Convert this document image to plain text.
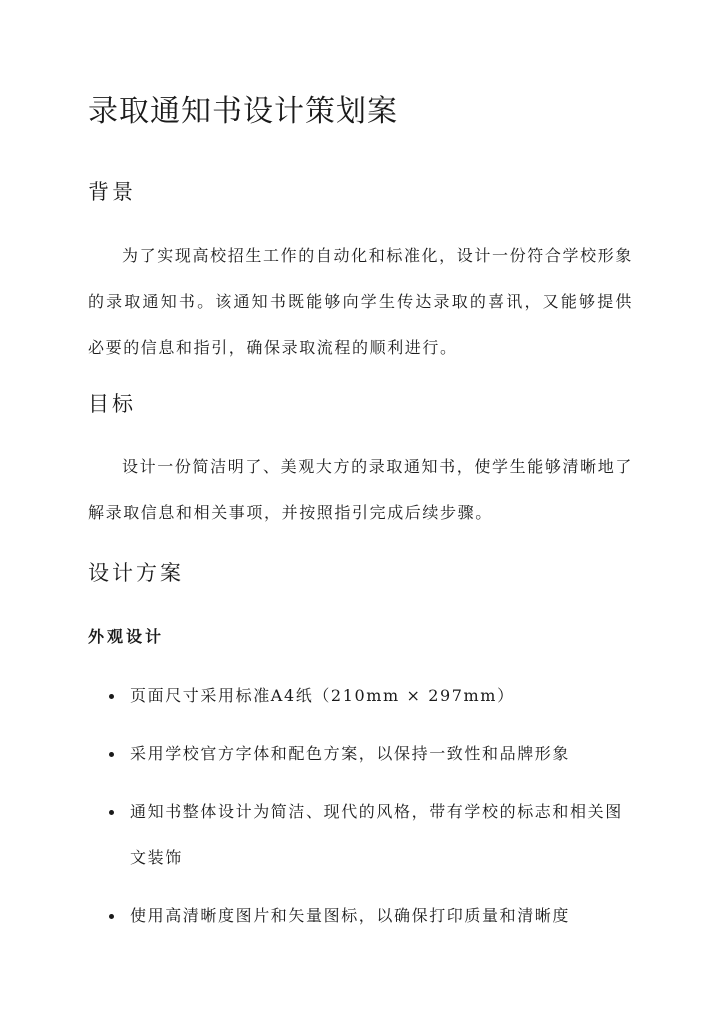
录取通知书设计策划案
背景

为了实现高校招生工作的自动化和标准化，设计一份符合学校形象的录取通知书。该通知书既能够向学生传达录取的喜讯，又能够提供必要的信息和指引，确保录取流程的顺利进行。

目标

设计一份简洁明了、美观大方的录取通知书，使学生能够清晰地了解录取信息和相关事项，并按照指引完成后续步骤。

设计方案
外观设计
页面尺寸采用标准A4纸（210mm × 297mm）
采用学校官方字体和配色方案，以保持一致性和品牌形象
通知书整体设计为简洁、现代的风格，带有学校的标志和相关图文装饰
使用高清晰度图片和矢量图标，以确保打印质量和清晰度
